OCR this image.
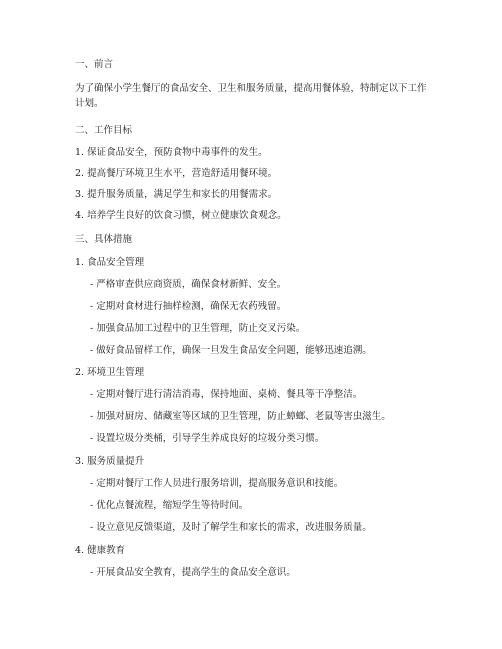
一、前言
为了确保小学生餐厅的食品安全、卫生和服务质量，提高用餐体验，特制定以下工作计划。
二、工作目标
1. 保证食品安全，预防食物中毒事件的发生。
2. 提高餐厅环境卫生水平，营造舒适用餐环境。
3. 提升服务质量，满足学生和家长的用餐需求。
4. 培养学生良好的饮食习惯，树立健康饮食观念。
三、具体措施
1. 食品安全管理
- 严格审查供应商资质，确保食材新鲜、安全。
- 定期对食材进行抽样检测，确保无农药残留。
- 加强食品加工过程中的卫生管理，防止交叉污染。
- 做好食品留样工作，确保一旦发生食品安全问题，能够迅速追溯。
2. 环境卫生管理
- 定期对餐厅进行清洁消毒，保持地面、桌椅、餐具等干净整洁。
- 加强对厨房、储藏室等区域的卫生管理，防止蟑螂、老鼠等害虫滋生。
- 设置垃圾分类桶，引导学生养成良好的垃圾分类习惯。
3. 服务质量提升
- 定期对餐厅工作人员进行服务培训，提高服务意识和技能。
- 优化点餐流程，缩短学生等待时间。
- 设立意见反馈渠道，及时了解学生和家长的需求，改进服务质量。
4. 健康教育
- 开展食品安全教育，提高学生的食品安全意识。
